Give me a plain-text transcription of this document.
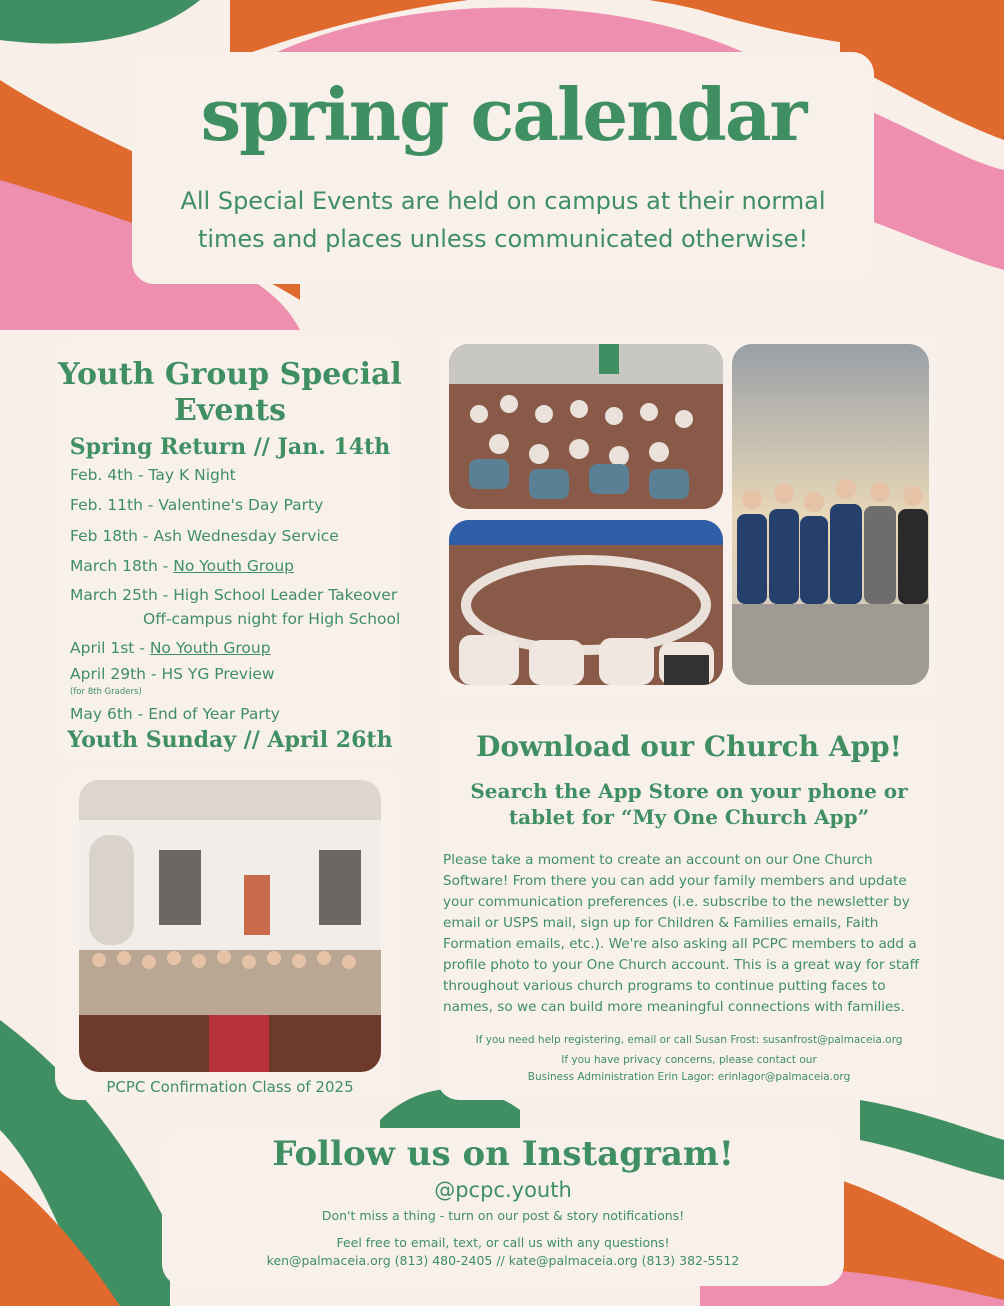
spring calendar
All Special Events are held on campus at their normal times and places unless communicated otherwise!
Youth Group Special Events
Spring Return // Jan. 14th
Feb. 4th - Tay K Night
Feb. 11th - Valentine's Day Party
Feb 18th - Ash Wednesday Service
March 18th - No Youth Group
March 25th - High School Leader Takeover
Off-campus night for High School
April 1st - No Youth Group
April 29th - HS YG Preview
(for 8th Graders)
May 6th - End of Year Party
Youth Sunday // April 26th
PCPC Confirmation Class of 2025
Download our Church App!
Search the App Store on your phone or tablet for “My One Church App”
Please take a moment to create an account on our One Church Software! From there you can add your family members and update your communication preferences (i.e. subscribe to the newsletter by email or USPS mail, sign up for Children & Families emails, Faith Formation emails, etc.). We're also asking all PCPC members to add a profile photo to your One Church account. This is a great way for staff throughout various church programs to continue putting faces to names, so we can build more meaningful connections with families.
If you need help registering, email or call Susan Frost: susanfrost@palmaceia.org
If you have privacy concerns, please contact our
Business Administration Erin Lagor: erinlagor@palmaceia.org
Follow us on Instagram!
@pcpc.youth
Don't miss a thing - turn on our post & story notifications!
Feel free to email, text, or call us with any questions!
ken@palmaceia.org (813) 480-2405 // kate@palmaceia.org (813) 382-5512
